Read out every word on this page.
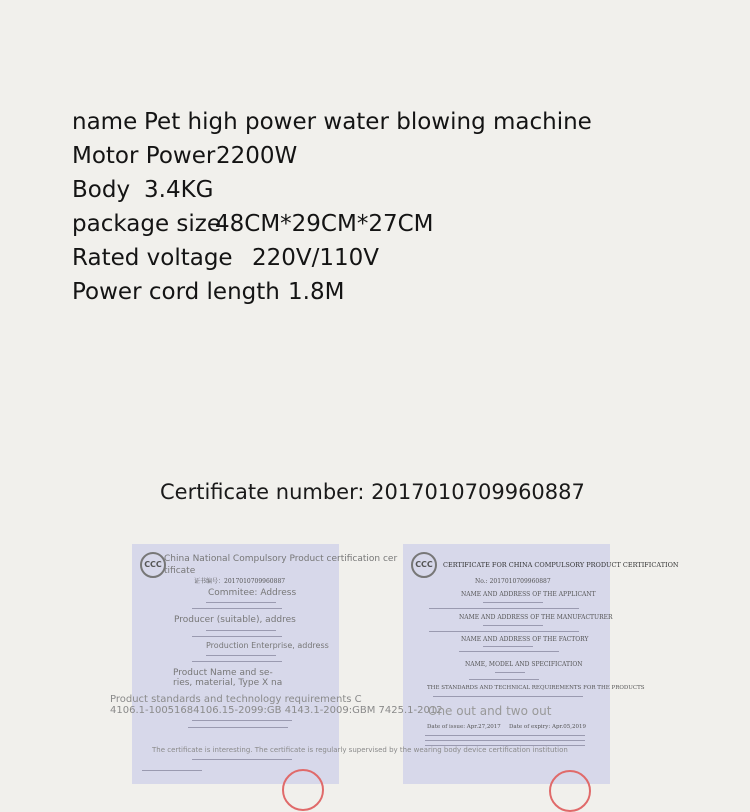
name Pet high power water blowing machine
Motor Power 2200W
Body 3.4KG
package size
48CM*29CM*27CM
Rated voltage 220V/110V
Power cord length 1.8M
Certificate number: 2017010709960887
CCC
China National Compulsory Product certification cer
tificate
证书编号：2017010709960887
Commitee: Address
Producer (suitable), addres
Production Enterprise, address
Product Name and se-
ries, material, Type X na
CCC	CERTIFICATE FOR CHINA COMPULSORY PRODUCT CERTIFICATION
No.: 2017010709960887
NAME AND ADDRESS OF THE APPLICANT
NAME AND ADDRESS OF THE MANUFACTURER
NAME AND ADDRESS OF THE FACTORY
NAME, MODEL AND SPECIFICATION
THE STANDARDS AND TECHNICAL REQUIREMENTS FOR THE PRODUCTS
Date of issue: Apr.27,2017 Date of expiry: Apr.05,2019
Product standards and technology requirements C
4106.1-10051684106.15-2099:GB 4143.1-2009:GBM 7425.1-2012
One out and two out
The certificate is interesting. The certificate is regularly supervised by the wearing body device certification institution
